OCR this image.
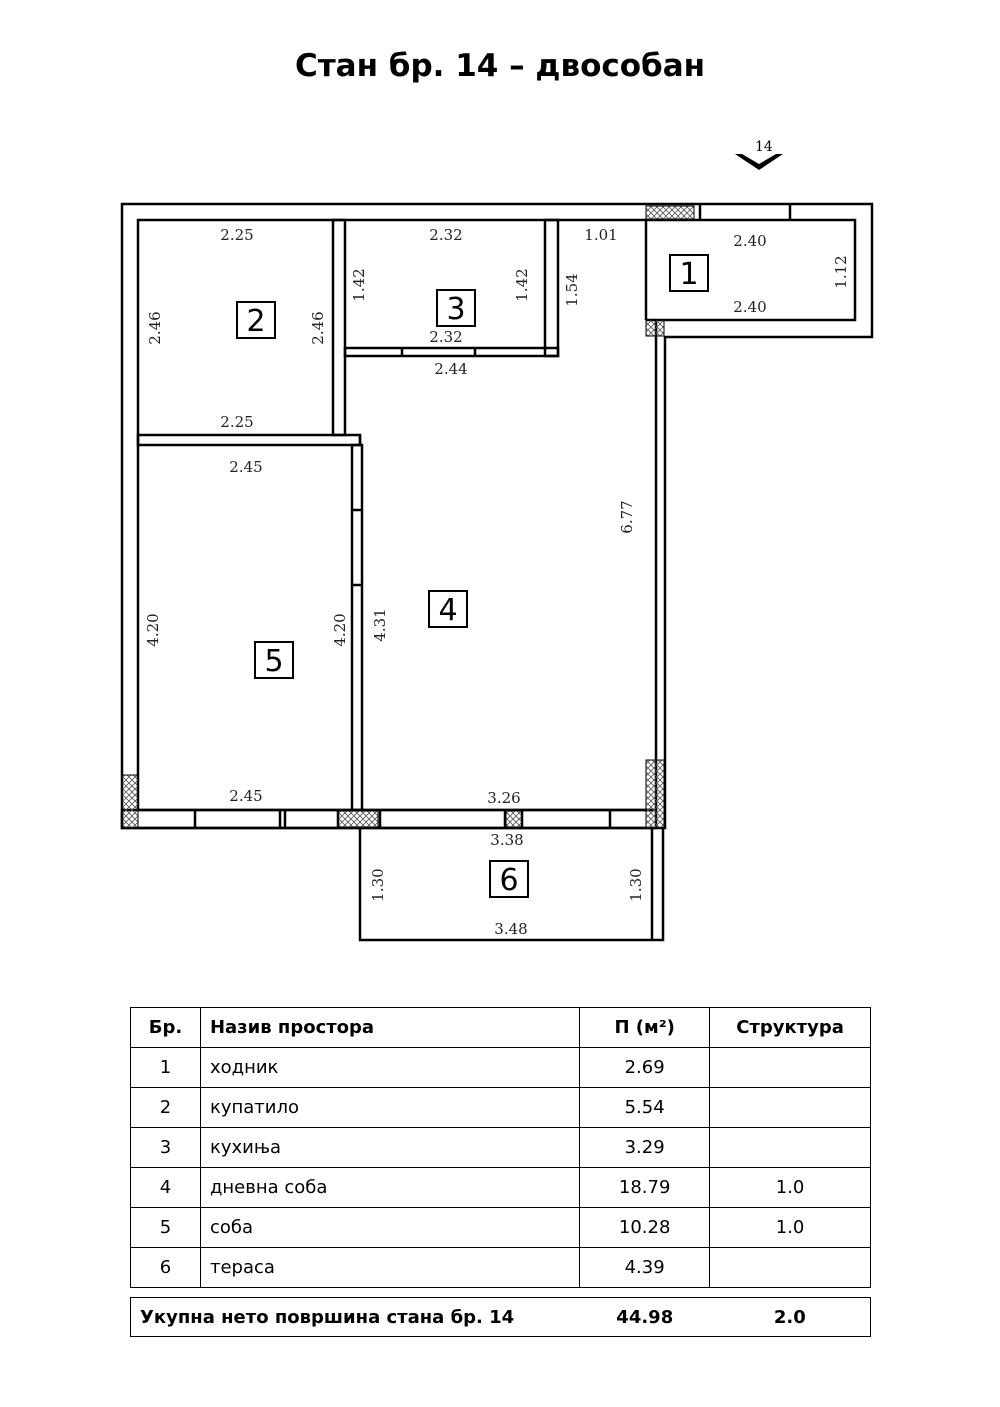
Стан бр. 14 – двособан
14
1
2.40
2.40
1.12
2
2.25
2.25
2.46	2.46
3
2.32
2.32
1.42	1.42 1.54
2.44
4
1.01
6.77
4.31
3.26
5
2.45
2.45
4.20	4.20
6
3.38
3.48
1.30	1.30
Бр.	Назив простора	П (м²)	Структура
1	ходник	2.69	
2	купатило	5.54	
3	кухиња	3.29	
4	дневна соба	18.79	1.0
5	соба	10.28	1.0
6	тераса	4.39	
Укупна нето површина стана бр. 14	44.98	2.0
